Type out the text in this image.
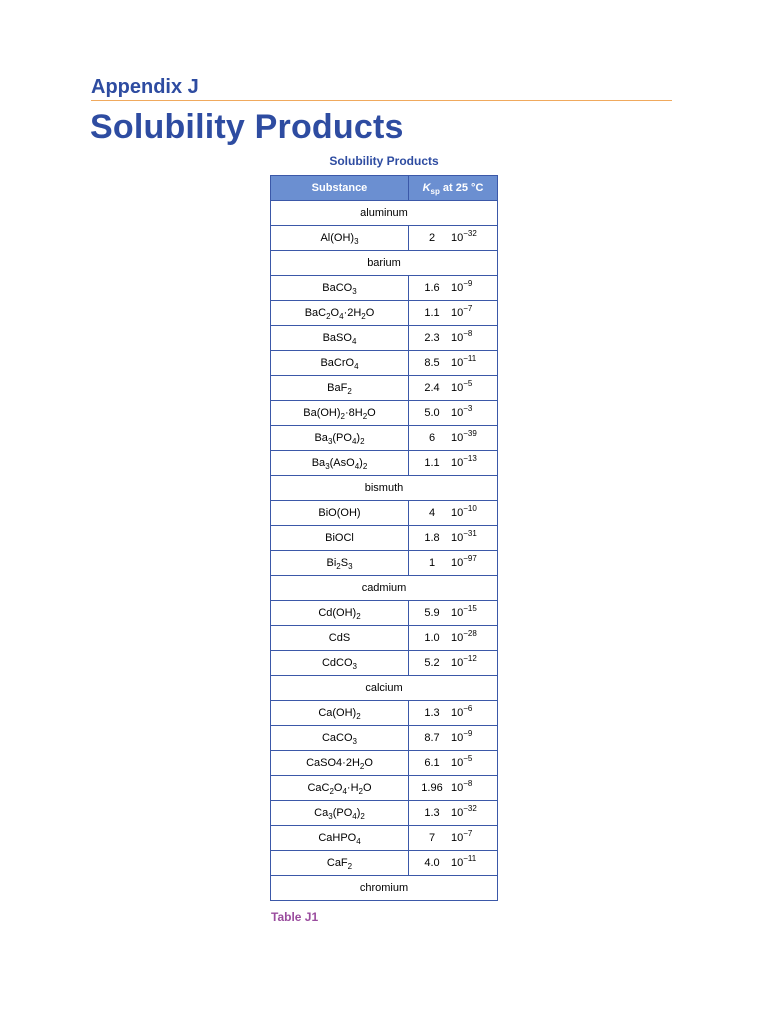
Appendix J
Solubility Products
Solubility Products
Substance	$K_{sp}$ at 25 °C
aluminum	
$Al(OH)_3$	2 $10^{-32}$
barium	
BaCO$_3$	1.6 $10^{-9}$
$BaC_2O_4\cdot 2H_2O$	1.1 $10^{-7}$
BaSO$_4$	2.3 $10^{-8}$
BaCrO$_4$	8.5 $10^{-11}$
BaF$_2$	2.4 $10^{-5}$
$Ba(OH)_2\cdot 8H_2O$	5.0 $10^{-3}$
$Ba_3(PO_4)_2$	6 $10^{-39}$
$Ba_3(AsO_4)_2$	1.1 $10^{-13}$
bismuth	
BiO(OH)	4 $10^{-10}$
BiOCl	1.8 $10^{-31}$
$Bi_2S_3$	1 $10^{-97}$
cadmium	
$Cd(OH)_2$	5.9 $10^{-15}$
CdS	1.0 $10^{-28}$
CdCO$_3$	5.2 $10^{-12}$
calcium	
$Ca(OH)_2$	1.3 $10^{-6}$
CaCO$_3$	8.7 $10^{-9}$
$CaSO4\cdot 2H_2O$	6.1 $10^{-5}$
$CaC_2O_4\cdot H_2O$	1.96 $10^{-8}$
$Ca_3(PO_4)_2$	1.3 $10^{-32}$
CaHPO$_4$	7 $10^{-7}$
CaF$_2$	4.0 $10^{-11}$
chromium	
Table J1
